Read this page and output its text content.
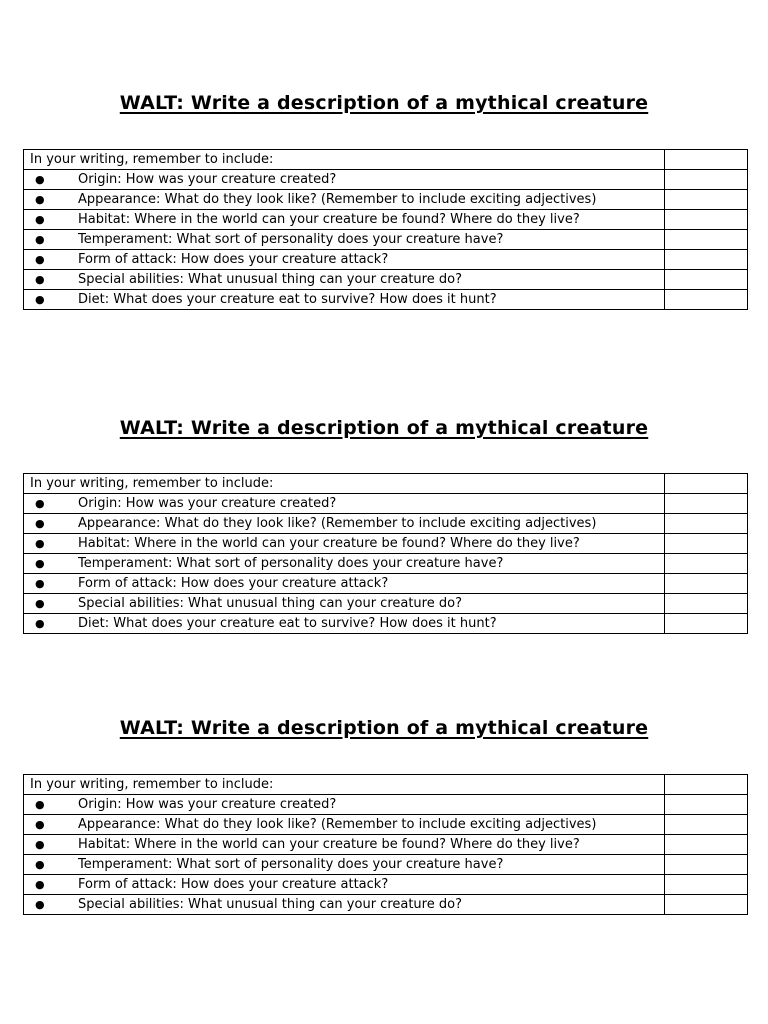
WALT: Write a description of a mythical creature
In your writing, remember to include:	
● Origin: How was your creature created?	
● Appearance: What do they look like? (Remember to include exciting adjectives)	
● Habitat: Where in the world can your creature be found? Where do they live?	
● Temperament: What sort of personality does your creature have?	
● Form of attack: How does your creature attack?	
● Special abilities: What unusual thing can your creature do?	
● Diet: What does your creature eat to survive? How does it hunt?	
WALT: Write a description of a mythical creature
In your writing, remember to include:	
● Origin: How was your creature created?	
● Appearance: What do they look like? (Remember to include exciting adjectives)	
● Habitat: Where in the world can your creature be found? Where do they live?	
● Temperament: What sort of personality does your creature have?	
● Form of attack: How does your creature attack?	
● Special abilities: What unusual thing can your creature do?	
● Diet: What does your creature eat to survive? How does it hunt?	
WALT: Write a description of a mythical creature
In your writing, remember to include:	
● Origin: How was your creature created?	
● Appearance: What do they look like? (Remember to include exciting adjectives)	
● Habitat: Where in the world can your creature be found? Where do they live?	
● Temperament: What sort of personality does your creature have?	
● Form of attack: How does your creature attack?	
● Special abilities: What unusual thing can your creature do?	
